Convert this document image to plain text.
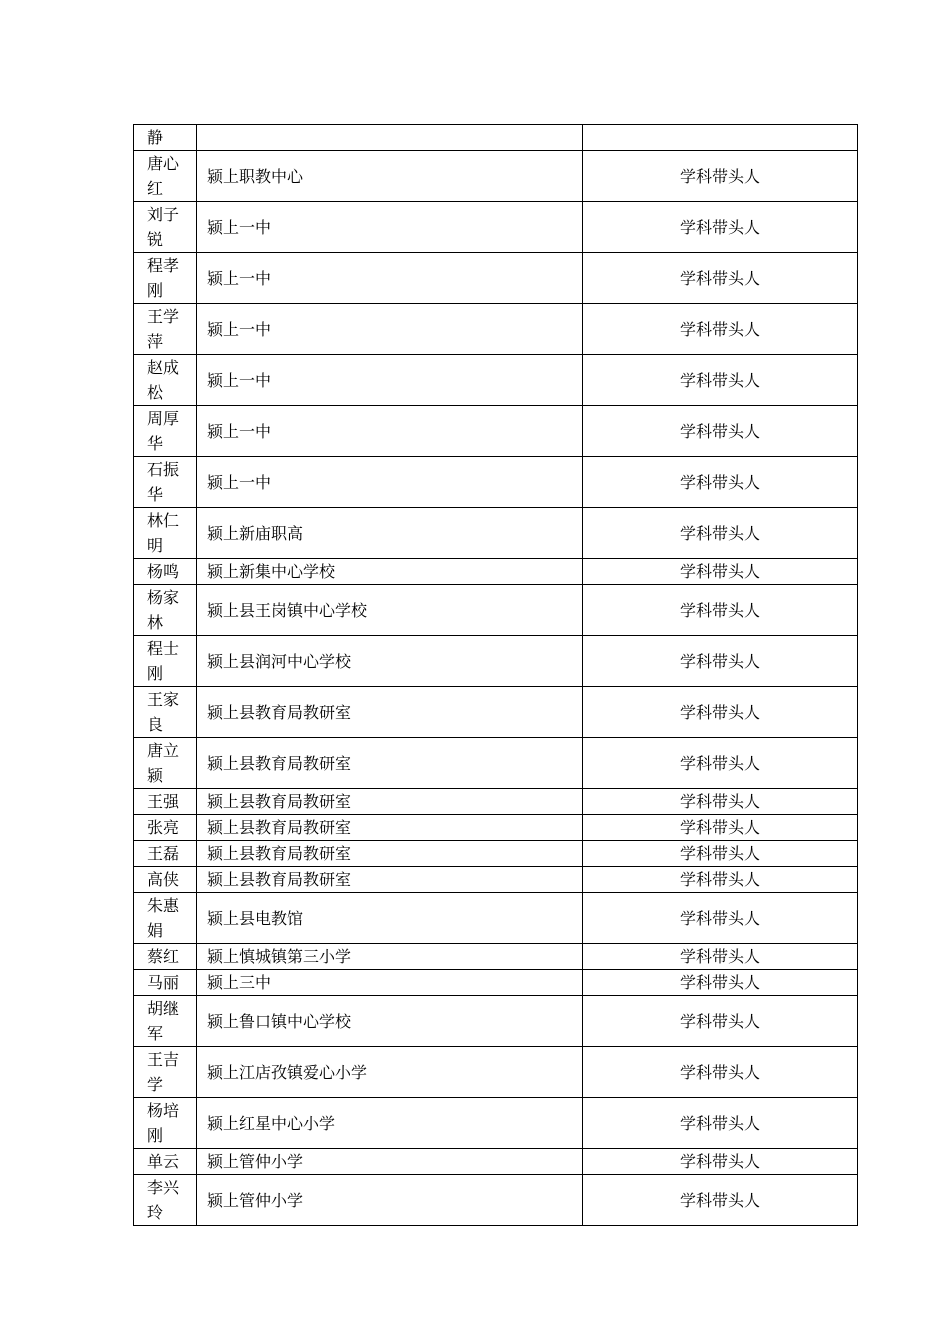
静		
唐心红	颍上职教中心	学科带头人
刘子锐	颍上一中	学科带头人
程孝刚	颍上一中	学科带头人
王学萍	颍上一中	学科带头人
赵成松	颍上一中	学科带头人
周厚华	颍上一中	学科带头人
石振华	颍上一中	学科带头人
林仁明	颍上新庙职高	学科带头人
杨鸣	颍上新集中心学校	学科带头人
杨家林	颍上县王岗镇中心学校	学科带头人
程士刚	颍上县润河中心学校	学科带头人
王家良	颍上县教育局教研室	学科带头人
唐立颍	颍上县教育局教研室	学科带头人
王强	颍上县教育局教研室	学科带头人
张亮	颍上县教育局教研室	学科带头人
王磊	颍上县教育局教研室	学科带头人
高侠	颍上县教育局教研室	学科带头人
朱惠娟	颍上县电教馆	学科带头人
蔡红	颍上慎城镇第三小学	学科带头人
马丽	颍上三中	学科带头人
胡继军	颍上鲁口镇中心学校	学科带头人
王吉学	颍上江店孜镇爱心小学	学科带头人
杨培刚	颍上红星中心小学	学科带头人
单云	颍上管仲小学	学科带头人
李兴玲	颍上管仲小学	学科带头人
